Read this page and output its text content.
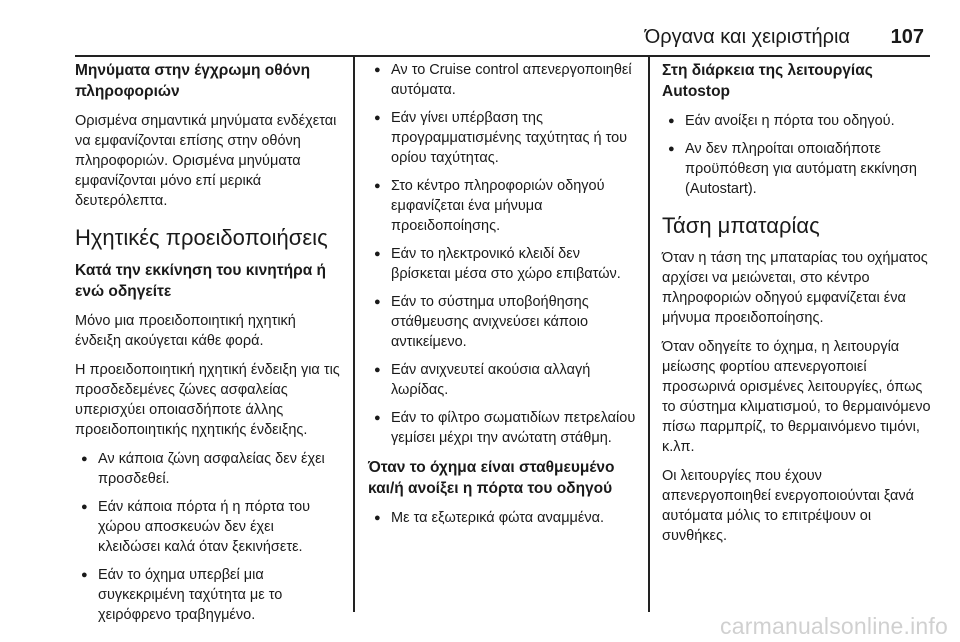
Όργανα και χειριστήρια 107
Μηνύματα στην έγχρωμη οθόνη πληροφοριών

Ορισμένα σημαντικά μηνύματα ενδέχεται να εμφανίζονται επίσης στην οθόνη πληροφοριών. Ορισμένα μηνύματα εμφανίζονται μόνο επί μερικά δευτερόλεπτα.

Ηχητικές προειδοποιήσεις
Κατά την εκκίνηση του κινητήρα ή ενώ οδηγείτε

Μόνο μια προειδοποιητική ηχητική ένδειξη ακούγεται κάθε φορά.

Η προειδοποιητική ηχητική ένδειξη για τις προσδεδεμένες ζώνες ασφαλείας υπερισχύει οποιασδήποτε άλλης προειδοποιητικής ηχητικής ένδειξης.

● Αν κάποια ζώνη ασφαλείας δεν έχει προσδεθεί.
● Εάν κάποια πόρτα ή η πόρτα του χώρου αποσκευών δεν έχει κλειδώσει καλά όταν ξεκινήσετε.
● Εάν το όχημα υπερβεί μια συγκεκριμένη ταχύτητα με το χειρόφρενο τραβηγμένο.
● Αν το Cruise control απενεργοποιηθεί αυτόματα.
● Εάν γίνει υπέρβαση της προγραμματισμένης ταχύτητας ή του ορίου ταχύτητας.
● Στο κέντρο πληροφοριών οδηγού εμφανίζεται ένα μήνυμα προειδοποίησης.
● Εάν το ηλεκτρονικό κλειδί δεν βρίσκεται μέσα στο χώρο επιβατών.
● Εάν το σύστημα υποβοήθησης στάθμευσης ανιχνεύσει κάποιο αντικείμενο.
● Εάν ανιχνευτεί ακούσια αλλαγή λωρίδας.
● Εάν το φίλτρο σωματιδίων πετρελαίου γεμίσει μέχρι την ανώτατη στάθμη.
Όταν το όχημα είναι σταθμευμένο και/ή ανοίξει η πόρτα του οδηγού
● Με τα εξωτερικά φώτα αναμμένα.
Στη διάρκεια της λειτουργίας Autostop
● Εάν ανοίξει η πόρτα του οδηγού.
● Αν δεν πληροίται οποιαδήποτε προϋπόθεση για αυτόματη εκκίνηση (Autostart).
Τάση μπαταρίας

Όταν η τάση της μπαταρίας του οχήματος αρχίσει να μειώνεται, στο κέντρο πληροφοριών οδηγού εμφανίζεται ένα μήνυμα προειδοποίησης.

Όταν οδηγείτε το όχημα, η λειτουργία μείωσης φορτίου απενεργοποιεί προσωρινά ορισμένες λειτουργίες, όπως το σύστημα κλιματισμού, το θερμαινόμενο πίσω παρμπρίζ, το θερμαινόμενο τιμόνι, κ.λπ.

Οι λειτουργίες που έχουν απενεργοποιηθεί ενεργοποιούνται ξανά αυτόματα μόλις το επιτρέψουν οι συνθήκες.

carmanualsonline.info
